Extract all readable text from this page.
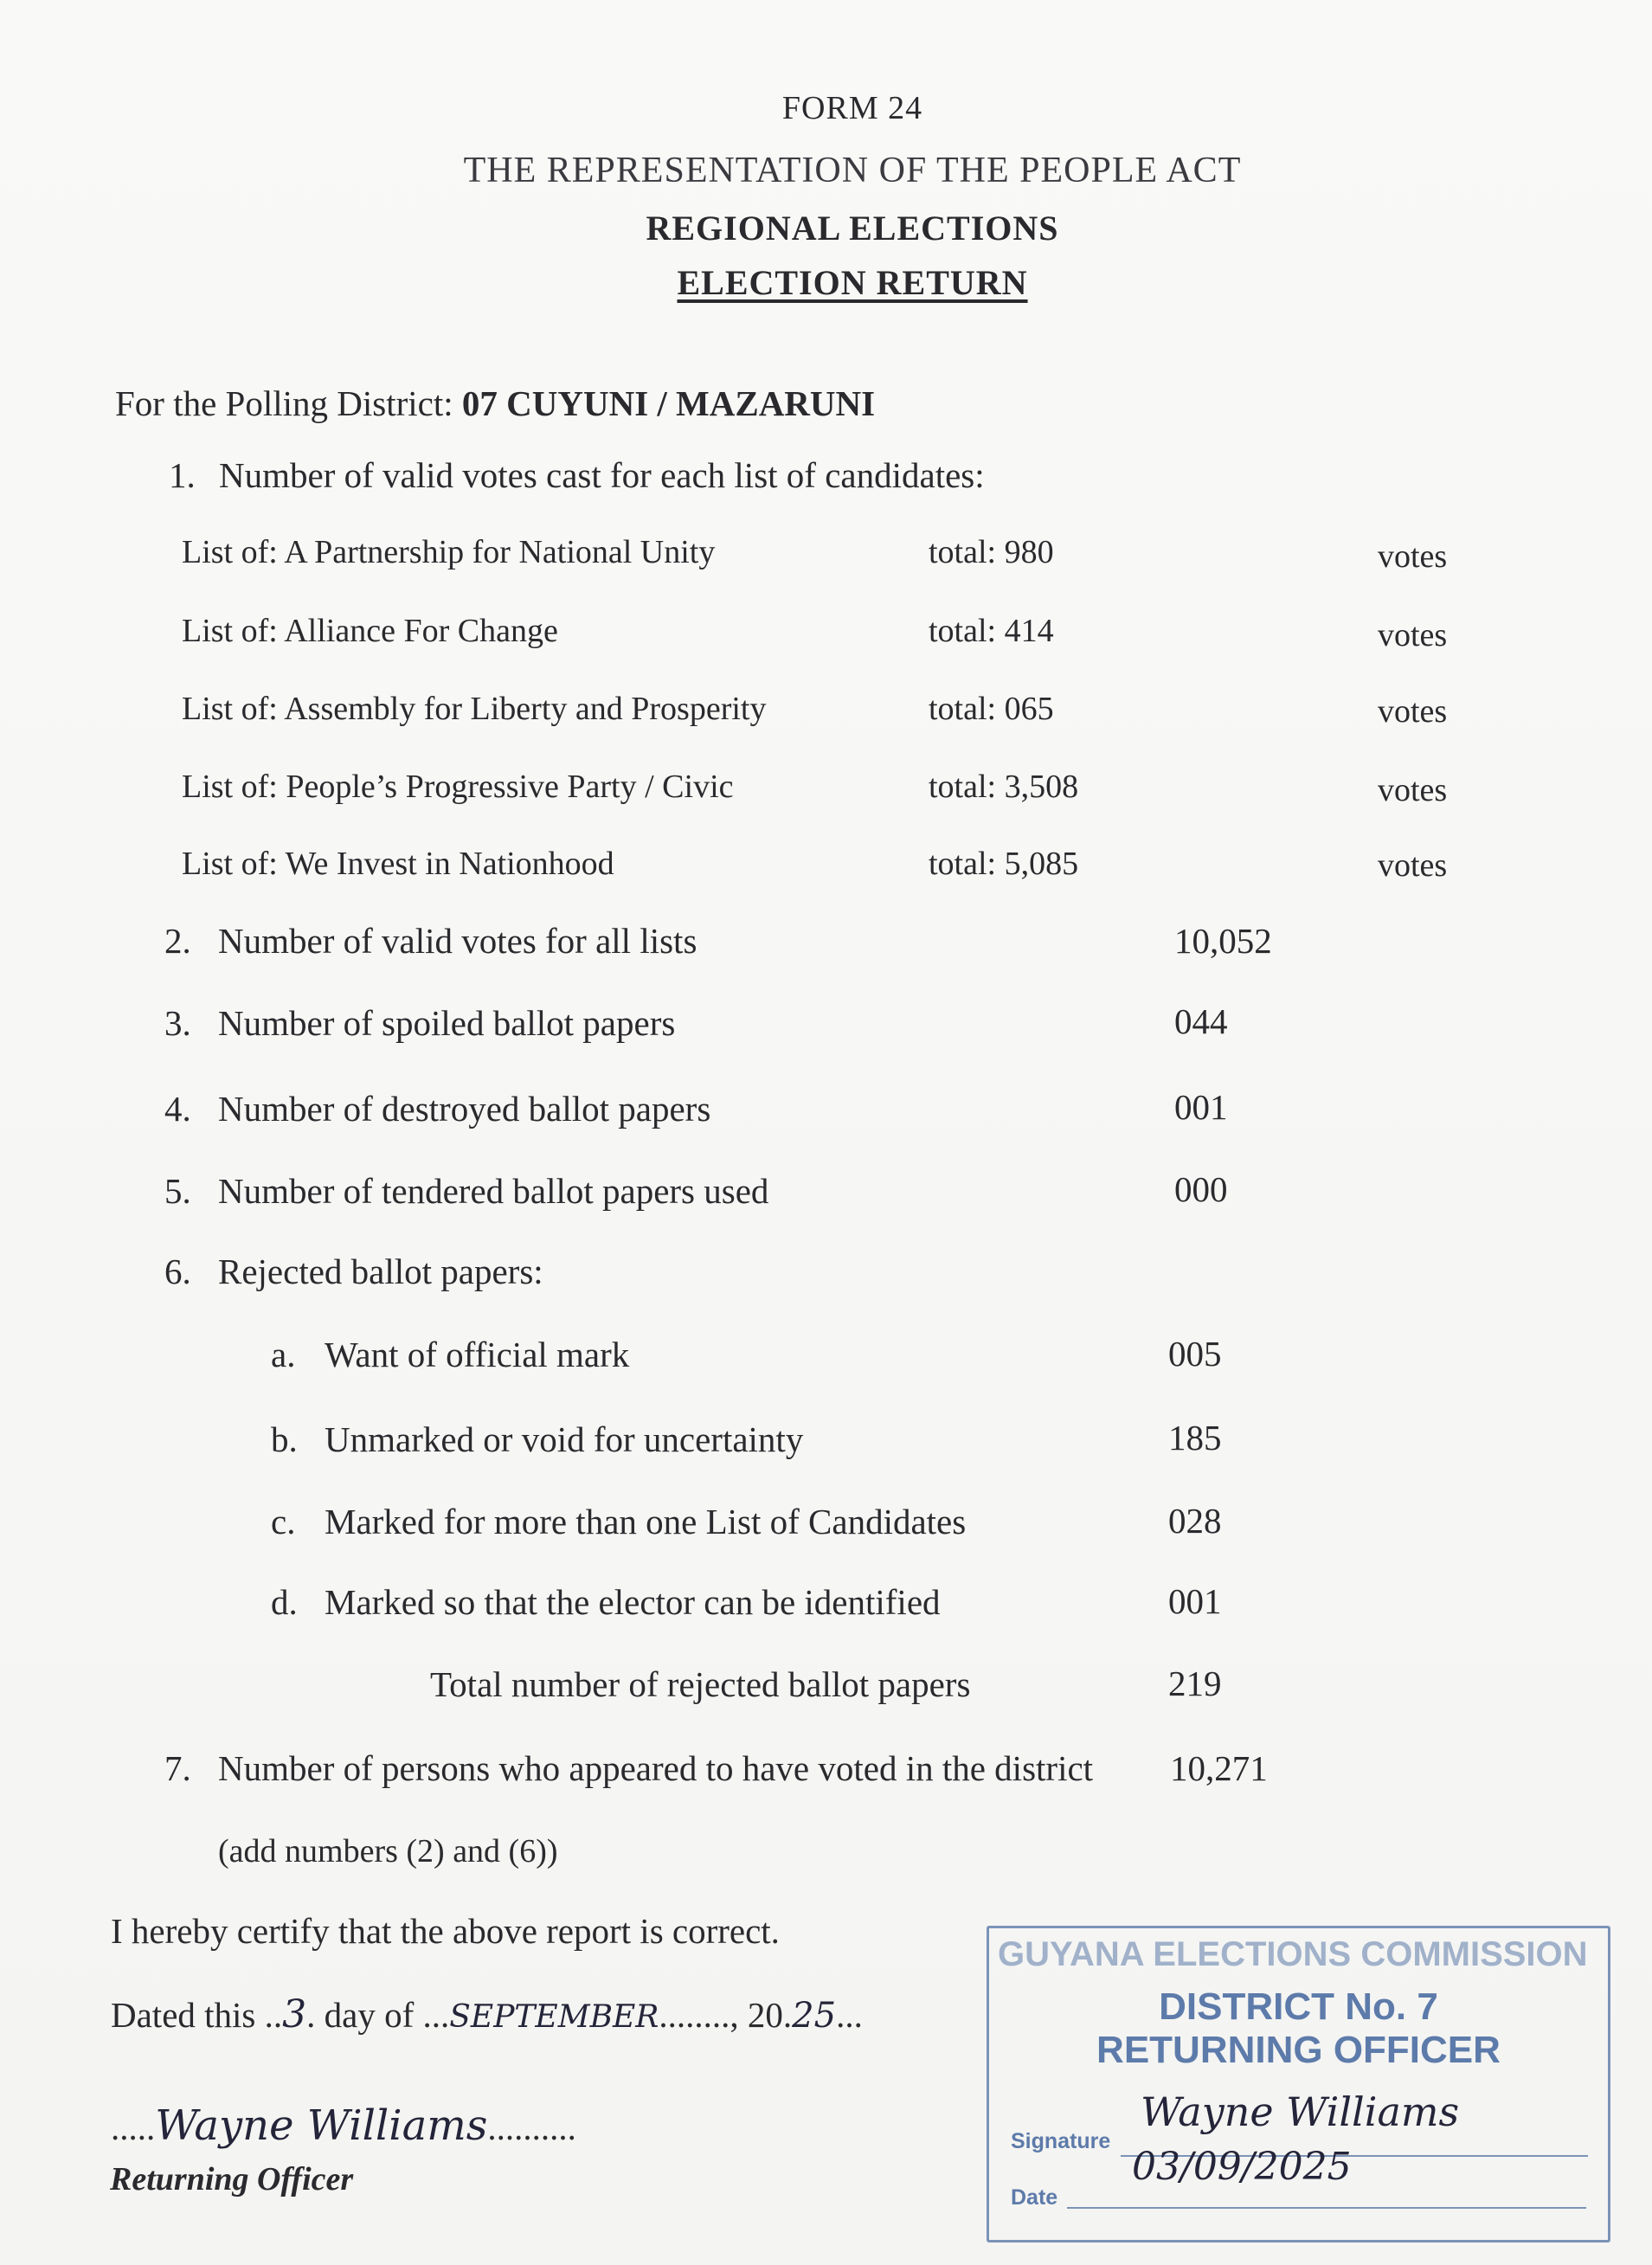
FORM 24
THE REPRESENTATION OF THE PEOPLE ACT
REGIONAL ELECTIONS
ELECTION RETURN
For the Polling District: 07 CUYUNI / MAZARUNI
1. Number of valid votes cast for each list of candidates:
List of: A Partnership for National Unity	total: 980	votes
List of: Alliance For Change	total: 414	votes
List of: Assembly for Liberty and Prosperity	total: 065	votes
List of: People’s Progressive Party / Civic	total: 3,508	votes
List of: We Invest in Nationhood	total: 5,085	votes
2. Number of valid votes for all lists	10,052
3. Number of spoiled ballot papers	044
4. Number of destroyed ballot papers	001
5. Number of tendered ballot papers used	000
6. Rejected ballot papers:
a. Want of official mark	005
b. Unmarked or void for uncertainty	185
c. Marked for more than one List of Candidates	028
d. Marked so that the elector can be identified	001
Total number of rejected ballot papers	219
7. Number of persons who appeared to have voted in the district 10,271
(add numbers (2) and (6))
I hereby certify that the above report is correct.
Dated this ..3. day of ...SEPTEMBER........, 20.25...
.....Wayne Williams..........
Returning Officer
GUYANA ELECTIONS COMMISSION
DISTRICT No. 7
RETURNING OFFICER
Signature
Wayne Williams
Date
03/09/2025
